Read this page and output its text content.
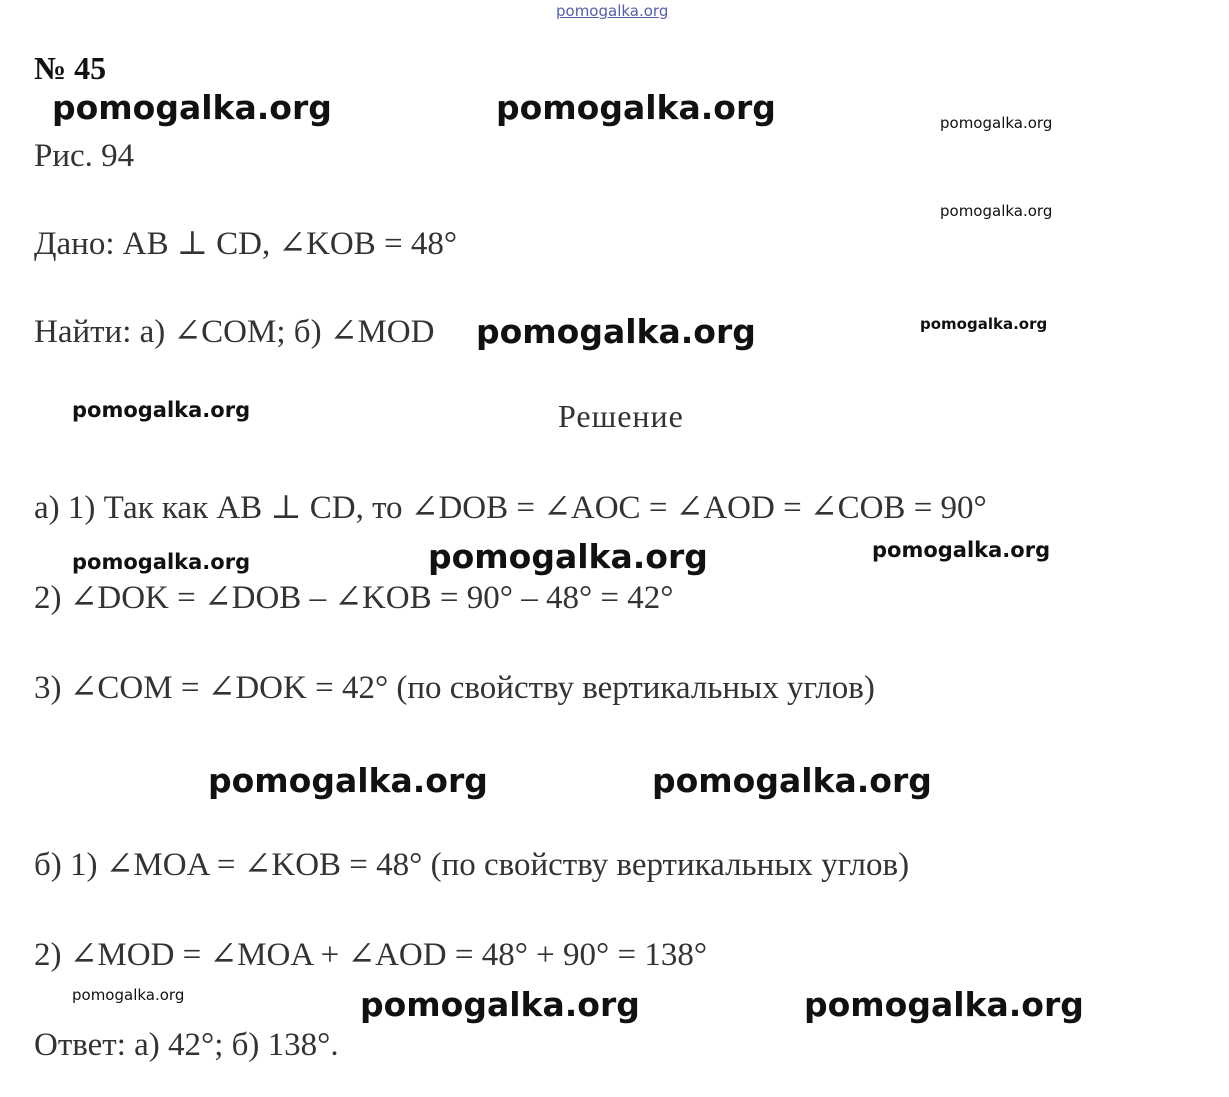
pomogalka.org
№ 45
Рис. 94
Дано: AB ⊥ CD, ∠KOB = 48°
Найти: а) ∠COM; б) ∠MOD
Решение
а) 1) Так как AB ⊥ CD, то ∠DOB = ∠AOC = ∠AOD = ∠COB = 90°
2) ∠DOK = ∠DOB – ∠KOB = 90° – 48° = 42°
3) ∠COM = ∠DOK = 42° (по свойству вертикальных углов)
б) 1) ∠MOA = ∠KOB = 48° (по свойству вертикальных углов)
2) ∠MOD = ∠MOA + ∠AOD = 48° + 90° = 138°
Ответ: а) 42°; б) 138°.
pomogalka.org	pomogalka.org	pomogalka.org
pomogalka.org
pomogalka.org	pomogalka.org
pomogalka.org
pomogalka.org	pomogalka.org	pomogalka.org
pomogalka.org	pomogalka.org
pomogalka.org	pomogalka.org	pomogalka.org
